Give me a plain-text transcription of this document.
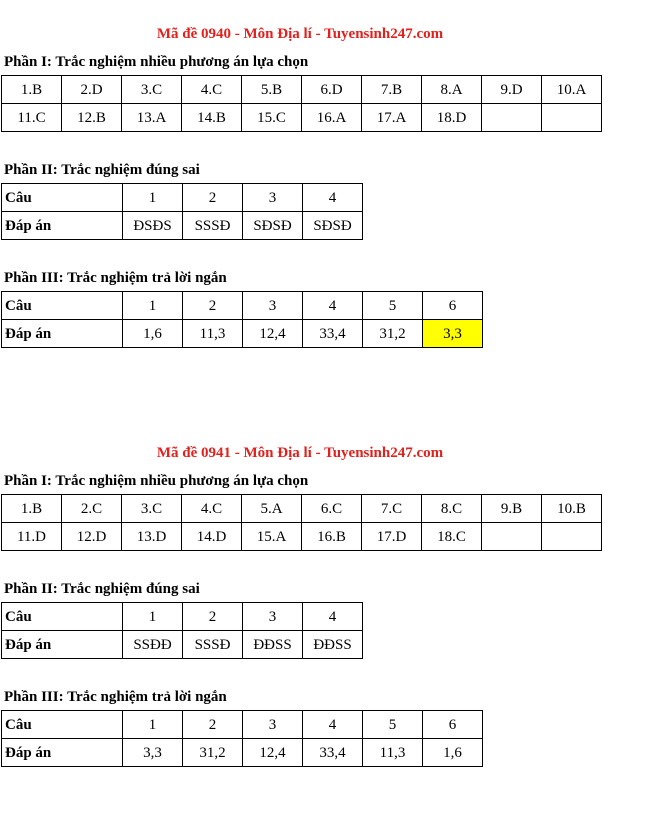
Mã đề 0940 - Môn Địa lí - Tuyensinh247.com
Phần I: Trắc nghiệm nhiều phương án lựa chọn
1.B	2.D	3.C	4.C	5.B	6.D	7.B	8.A	9.D	10.A
11.C	12.B	13.A	14.B	15.C	16.A	17.A	18.D		
Phần II: Trắc nghiệm đúng sai
Câu	1	2	3	4
Đáp án	ĐSĐS	SSSĐ	SĐSĐ	SĐSĐ
Phần III: Trắc nghiệm trả lời ngắn
Câu	1	2	3	4	5	6
Đáp án	1,6	11,3	12,4	33,4	31,2	3,3
Mã đề 0941 - Môn Địa lí - Tuyensinh247.com
Phần I: Trắc nghiệm nhiều phương án lựa chọn
1.B	2.C	3.C	4.C	5.A	6.C	7.C	8.C	9.B	10.B
11.D	12.D	13.D	14.D	15.A	16.B	17.D	18.C		
Phần II: Trắc nghiệm đúng sai
Câu	1	2	3	4
Đáp án	SSĐĐ	SSSĐ	ĐĐSS	ĐĐSS
Phần III: Trắc nghiệm trả lời ngắn
Câu	1	2	3	4	5	6
Đáp án	3,3	31,2	12,4	33,4	11,3	1,6
